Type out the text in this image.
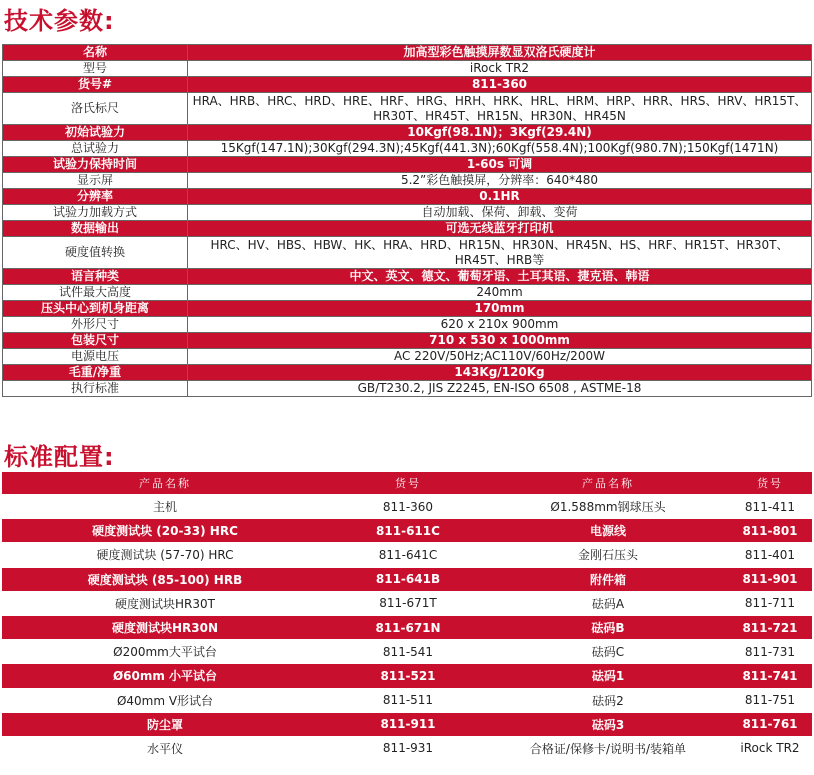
技术参数:
名称	加高型彩色触摸屏数显双洛氏硬度计
型号	iRock TR2
货号#	811-360
洛氏标尺	HRA、HRB、HRC、HRD、HRE、HRF、HRG、HRH、HRK、HRL、HRM、HRP、HRR、HRS、HRV、HR15T、HR30T、HR45T、HR15N、HR30N、HR45N
初始试验力	10Kgf(98.1N)；3Kgf(29.4N)
总试验力	15Kgf(147.1N);30Kgf(294.3N);45Kgf(441.3N);60Kgf(558.4N);100Kgf(980.7N);150Kgf(1471N)
试验力保持时间	1-60s 可调
显示屏	5.2”彩色触摸屏，分辨率：640*480
分辨率	0.1HR
试验力加载方式	自动加载、保荷、卸载、变荷
数据输出	可选无线蓝牙打印机
硬度值转换	HRC、HV、HBS、HBW、HK、HRA、HRD、HR15N、HR30N、HR45N、HS、HRF、HR15T、HR30T、HR45T、HRB等
语言种类	中文、英文、德文、葡萄牙语、土耳其语、捷克语、韩语
试件最大高度	240mm
压头中心到机身距离	170mm
外形尺寸	620 x 210x 900mm
包装尺寸	710 x 530 x 1000mm
电源电压	AC 220V/50Hz;AC110V/60Hz/200W
毛重/净重	143Kg/120Kg
执行标准	GB/T230.2, JIS Z2245, EN-ISO 6508 , ASTME-18
标准配置:
产品名称	货号	产品名称	货号
主机	811-360	Ø1.588mm钢球压头	811-411
硬度测试块 (20-33) HRC	811-611C	电源线	811-801
硬度测试块 (57-70) HRC	811-641C	金刚石压头	811-401
硬度测试块 (85-100) HRB	811-641B	附件箱	811-901
硬度测试块HR30T	811-671T	砝码A	811-711
硬度测试块HR30N	811-671N	砝码B	811-721
Ø200mm大平试台	811-541	砝码C	811-731
Ø60mm 小平试台	811-521	砝码1	811-741
Ø40mm V形试台	811-511	砝码2	811-751
防尘罩	811-911	砝码3	811-761
水平仪	811-931	合格证/保修卡/说明书/装箱单	iRock TR2
